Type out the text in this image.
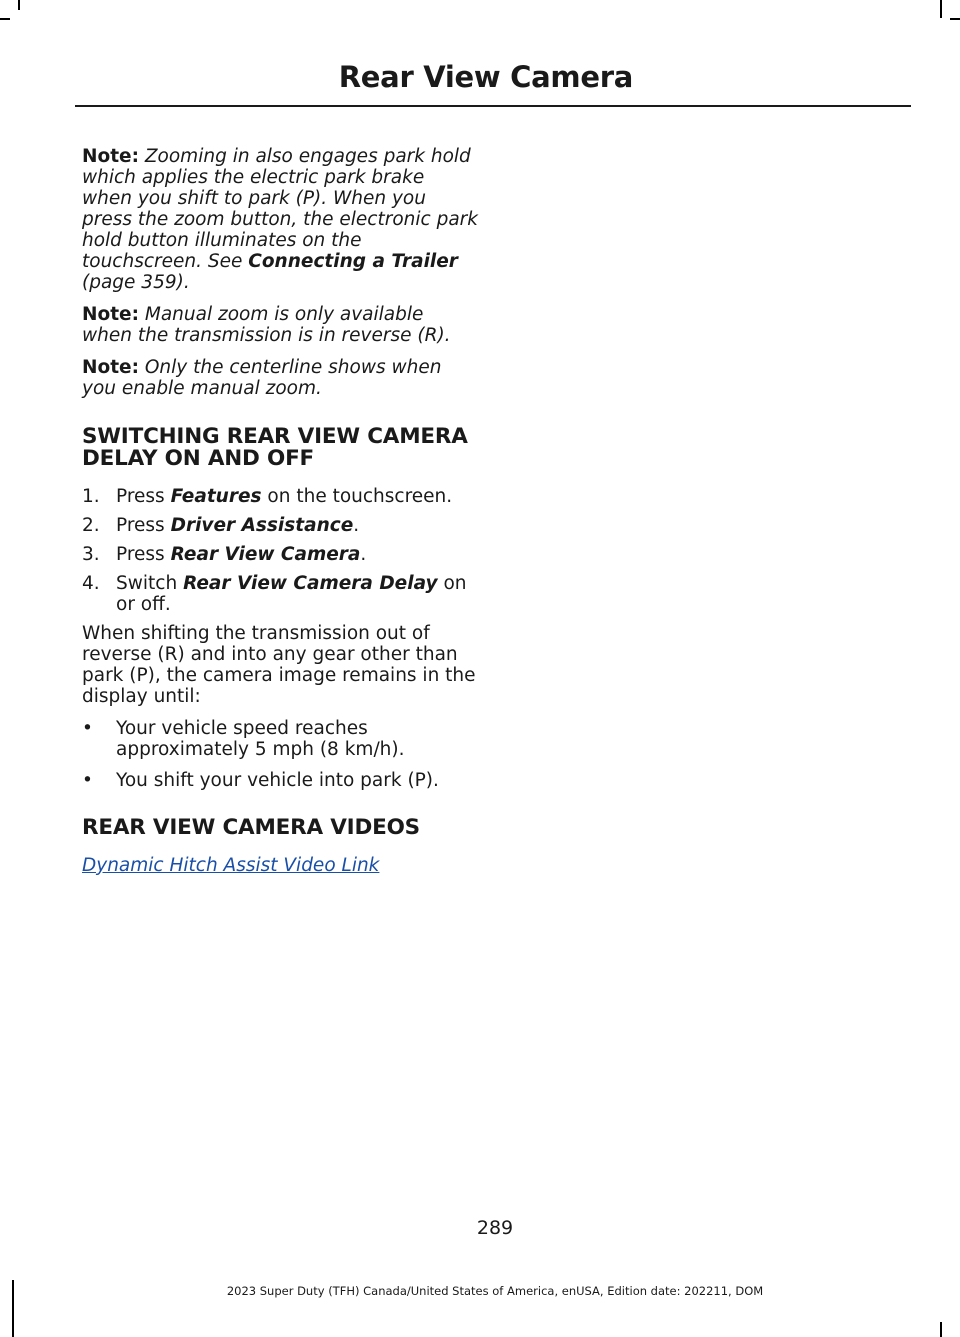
Rear View Camera

Note: Zooming in also engages park hold which applies the electric park brake when you shift to park (P). When you press the zoom button, the electronic park hold button illuminates on the touchscreen. See Connecting a Trailer (page 359).

Note: Manual zoom is only available when the transmission is in reverse (R).

Note: Only the centerline shows when you enable manual zoom.

SWITCHING REAR VIEW CAMERA DELAY ON AND OFF
1. Press Features on the touchscreen.
2. Press Driver Assistance.
3. Press Rear View Camera.
4. Switch Rear View Camera Delay on or off.

When shifting the transmission out of reverse (R) and into any gear other than park (P), the camera image remains in the display until:

• Your vehicle speed reaches approximately 5 mph (8 km/h).
• You shift your vehicle into park (P).
REAR VIEW CAMERA VIDEOS

Dynamic Hitch Assist Video Link

289
2023 Super Duty (TFH) Canada/United States of America, enUSA, Edition date: 202211, DOM
